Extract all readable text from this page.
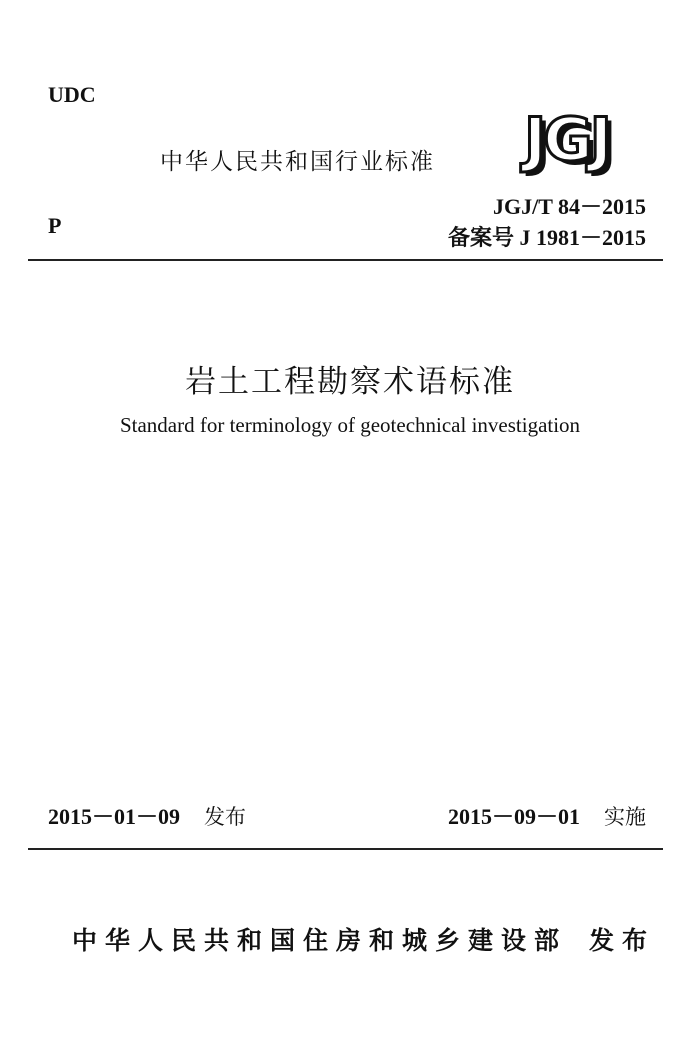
UDC
中华人民共和国行业标准 JGJ
JGJ/T 84－2015
P	备案号 J 1981－2015
岩土工程勘察术语标准
Standard for terminology of geotechnical investigation
2015－01－09 发布	2015－09－01 实施
中华人民共和国住房和城乡建设部 发布
